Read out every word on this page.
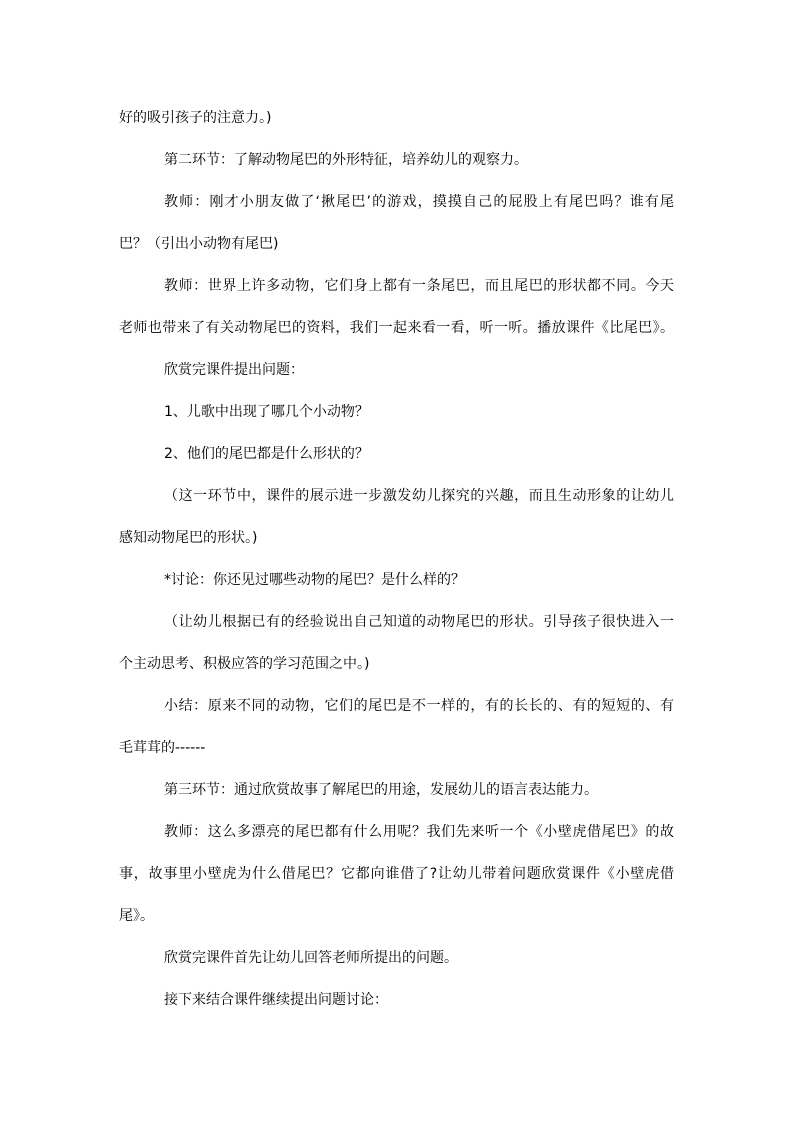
好的吸引孩子的注意力。)
第二环节：了解动物尾巴的外形特征，培养幼儿的观察力。
教师：刚才小朋友做了‘揪尾巴’的游戏，摸摸自己的屁股上有尾巴吗？谁有尾
巴？（引出小动物有尾巴)
教师：世界上许多动物，它们身上都有一条尾巴，而且尾巴的形状都不同。今天
老师也带来了有关动物尾巴的资料，我们一起来看一看，听一听。播放课件《比尾巴》。
欣赏完课件提出问题：
1、儿歌中出现了哪几个小动物？
2、他们的尾巴都是什么形状的？
（这一环节中，课件的展示进一步激发幼儿探究的兴趣，而且生动形象的让幼儿
感知动物尾巴的形状。)
*讨论：你还见过哪些动物的尾巴？是什么样的？
（让幼儿根据已有的经验说出自己知道的动物尾巴的形状。引导孩子很快进入一
个主动思考、积极应答的学习范围之中。)
小结：原来不同的动物，它们的尾巴是不一样的，有的长长的、有的短短的、有
毛茸茸的------
第三环节：通过欣赏故事了解尾巴的用途，发展幼儿的语言表达能力。
教师：这么多漂亮的尾巴都有什么用呢？我们先来听一个《小壁虎借尾巴》的故
事，故事里小壁虎为什么借尾巴？它都向谁借了?让幼儿带着问题欣赏课件《小壁虎借
尾》。
欣赏完课件首先让幼儿回答老师所提出的问题。
接下来结合课件继续提出问题讨论：
